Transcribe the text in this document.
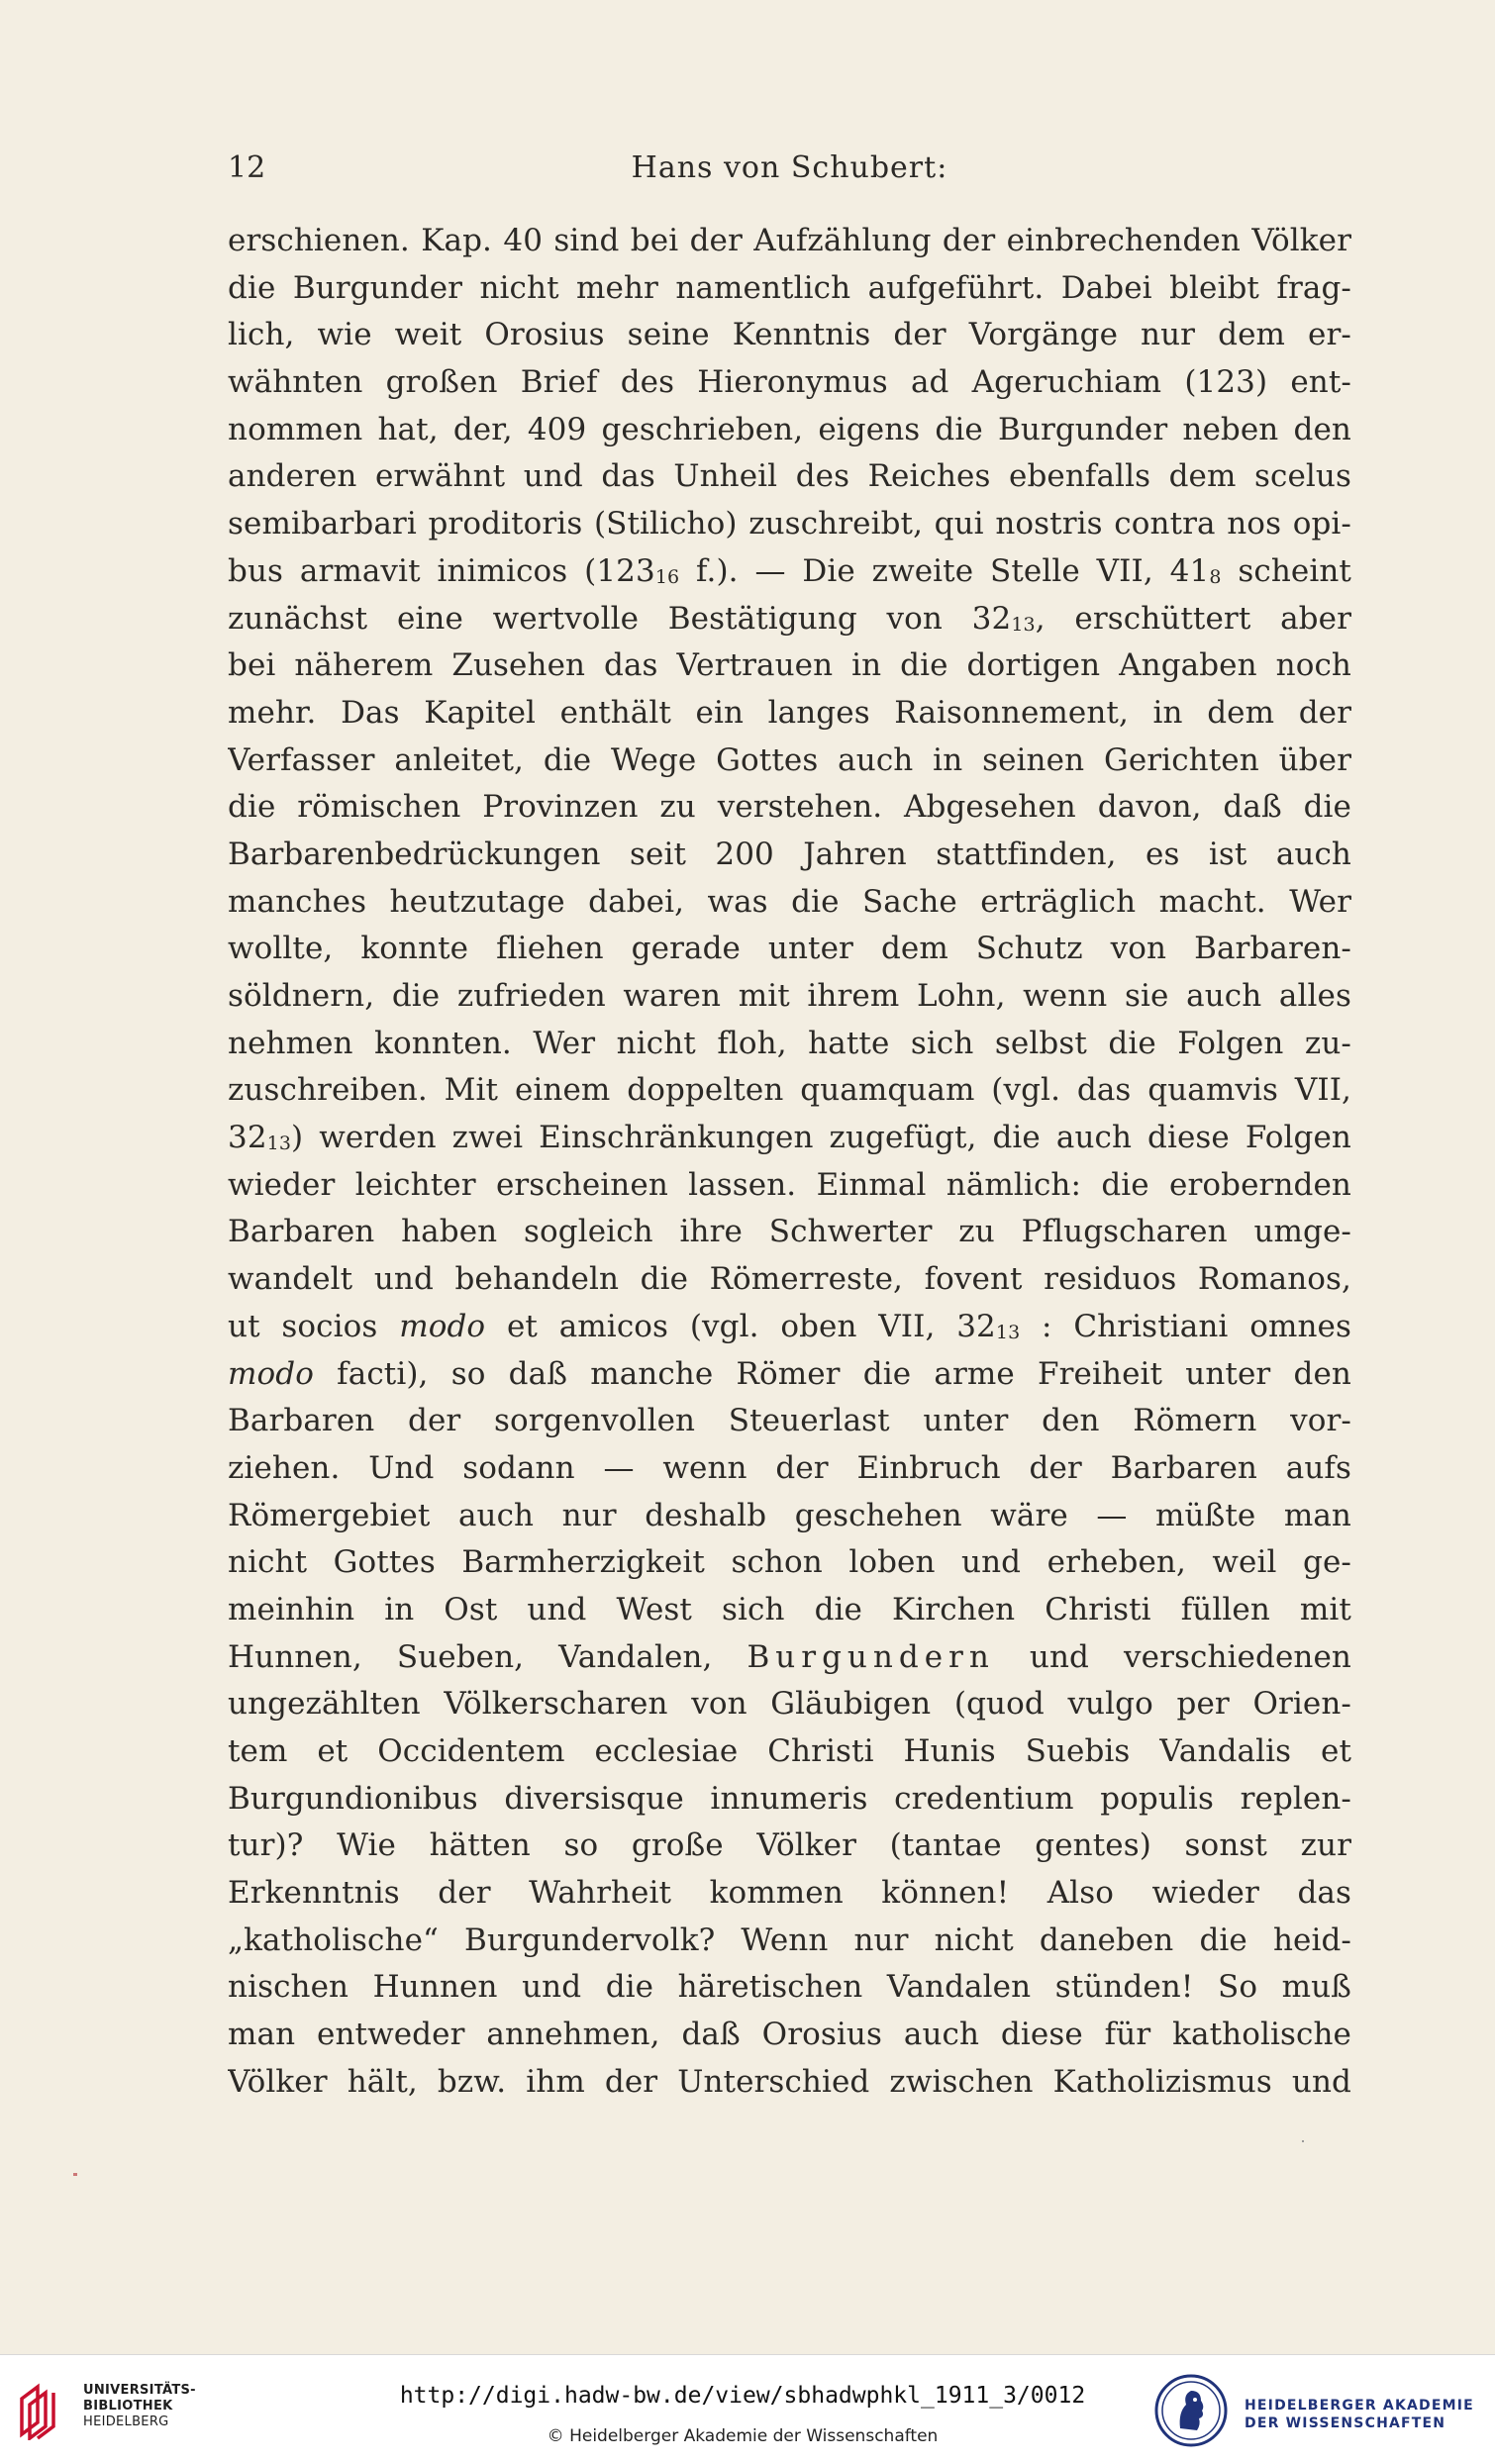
12	Hans von Schubert:
erschienen. Kap. 40 sind bei der Aufzählung der einbrechenden Völker
die Burgunder nicht mehr namentlich aufgeführt. Dabei bleibt frag-
lich, wie weit Orosius seine Kenntnis der Vorgänge nur dem er-
wähnten großen Brief des Hieronymus ad Ageruchiam (123) ent-
nommen hat, der, 409 geschrieben, eigens die Burgunder neben den
anderen erwähnt und das Unheil des Reiches ebenfalls dem scelus
semibarbari proditoris (Stilicho) zuschreibt, qui nostris contra nos opi-
bus armavit inimicos (12316 f.). — Die zweite Stelle VII, 418 scheint
zunächst eine wertvolle Bestätigung von 3213, erschüttert aber
bei näherem Zusehen das Vertrauen in die dortigen Angaben noch
mehr. Das Kapitel enthält ein langes Raisonnement, in dem der
Verfasser anleitet, die Wege Gottes auch in seinen Gerichten über
die römischen Provinzen zu verstehen. Abgesehen davon, daß die
Barbarenbedrückungen seit 200 Jahren stattfinden, es ist auch
manches heutzutage dabei, was die Sache erträglich macht. Wer
wollte, konnte fliehen gerade unter dem Schutz von Barbaren-
söldnern, die zufrieden waren mit ihrem Lohn, wenn sie auch alles
nehmen konnten. Wer nicht floh, hatte sich selbst die Folgen zu-
zuschreiben. Mit einem doppelten quamquam (vgl. das quamvis VII,
3213) werden zwei Einschränkungen zugefügt, die auch diese Folgen
wieder leichter erscheinen lassen. Einmal nämlich: die erobernden
Barbaren haben sogleich ihre Schwerter zu Pflugscharen umge-
wandelt und behandeln die Römerreste, fovent residuos Romanos,
ut socios modo et amicos (vgl. oben VII, 3213 : Christiani omnes
modo facti), so daß manche Römer die arme Freiheit unter den
Barbaren der sorgenvollen Steuerlast unter den Römern vor-
ziehen. Und sodann — wenn der Einbruch der Barbaren aufs
Römergebiet auch nur deshalb geschehen wäre — müßte man
nicht Gottes Barmherzigkeit schon loben und erheben, weil ge-
meinhin in Ost und West sich die Kirchen Christi füllen mit
Hunnen, Sueben, Vandalen, Burgundern und verschiedenen
ungezählten Völkerscharen von Gläubigen (quod vulgo per Orien-
tem et Occidentem ecclesiae Christi Hunis Suebis Vandalis et
Burgundionibus diversisque innumeris credentium populis replen-
tur)? Wie hätten so große Völker (tantae gentes) sonst zur
Erkenntnis der Wahrheit kommen können! Also wieder das
„katholische“ Burgundervolk? Wenn nur nicht daneben die heid-
nischen Hunnen und die häretischen Vandalen stünden! So muß
man entweder annehmen, daß Orosius auch diese für katholische
Völker hält, bzw. ihm der Unterschied zwischen Katholizismus und
UNIVERSITÄTS-
BIBLIOTHEK
HEIDELBERG
http://digi.hadw-bw.de/view/sbhadwphkl_1911_3/0012
© Heidelberger Akademie der Wissenschaften
HEIDELBERGER AKADEMIE
DER WISSENSCHAFTEN
